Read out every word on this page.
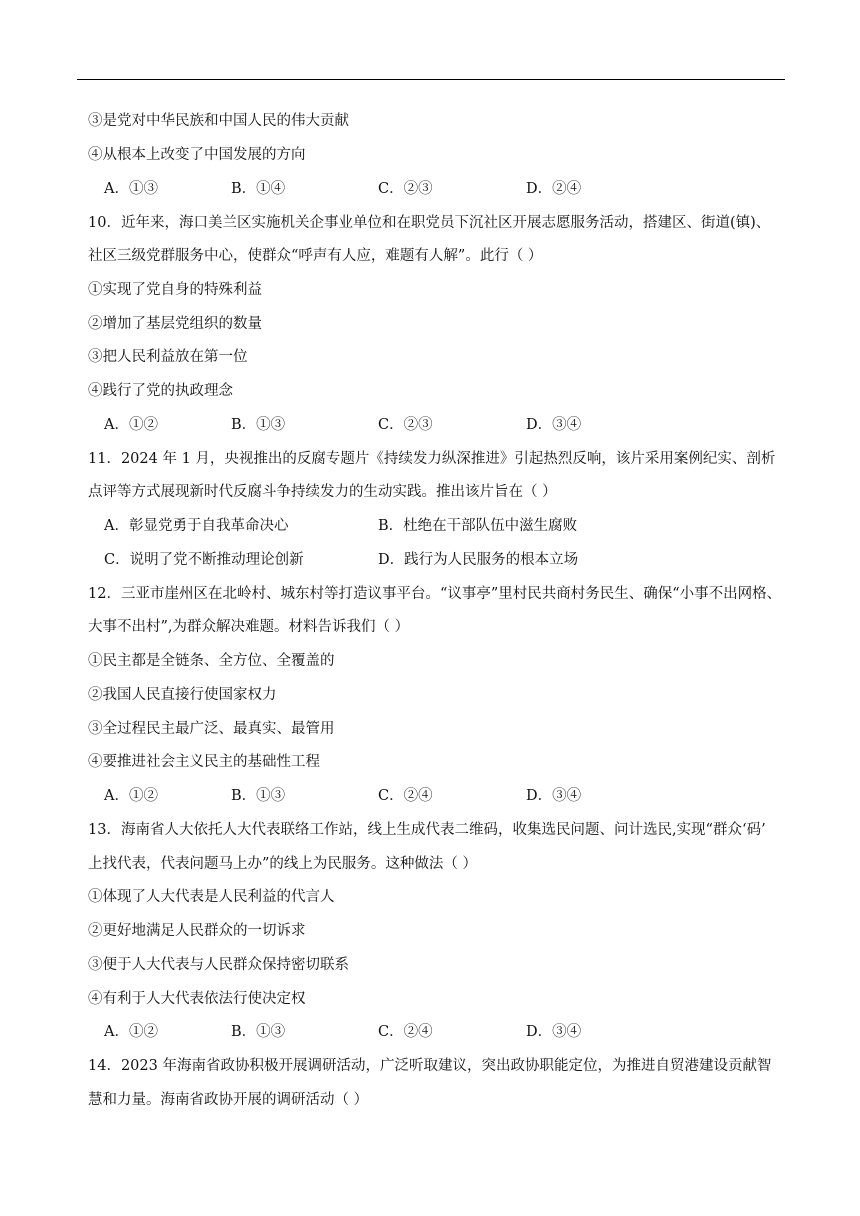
③是党对中华民族和中国人民的伟大贡献
④从根本上改变了中国发展的方向
A．①③	B．①④	C．②③	D．②④
10．近年来，海口美兰区实施机关企事业单位和在职党员下沉社区开展志愿服务活动，搭建区、街道(镇)、
社区三级党群服务中心，使群众“呼声有人应，难题有人解”。此行（ ）
①实现了党自身的特殊利益
②增加了基层党组织的数量
③把人民利益放在第一位
④践行了党的执政理念
A．①②	B．①③	C．②③	D．③④
11．2024 年 1 月，央视推出的反腐专题片《持续发力纵深推进》引起热烈反响，该片采用案例纪实、剖析
点评等方式展现新时代反腐斗争持续发力的生动实践。推出该片旨在（ ）
A．彰显党勇于自我革命决心	B．杜绝在干部队伍中滋生腐败
C．说明了党不断推动理论创新	D．践行为人民服务的根本立场
12．三亚市崖州区在北岭村、城东村等打造议事平台。“议事亭”里村民共商村务民生、确保“小事不出网格、
大事不出村”,为群众解决难题。材料告诉我们（ ）
①民主都是全链条、全方位、全覆盖的
②我国人民直接行使国家权力
③全过程民主最广泛、最真实、最管用
④要推进社会主义民主的基础性工程
A．①②	B．①③	C．②④	D．③④
13．海南省人大依托人大代表联络工作站，线上生成代表二维码，收集选民问题、问计选民,实现“群众‘码’
上找代表，代表问题马上办”的线上为民服务。这种做法（ ）
①体现了人大代表是人民利益的代言人
②更好地满足人民群众的一切诉求
③便于人大代表与人民群众保持密切联系
④有利于人大代表依法行使决定权
A．①②	B．①③	C．②④	D．③④
14．2023 年海南省政协积极开展调研活动，广泛听取建议，突出政协职能定位，为推进自贸港建设贡献智
慧和力量。海南省政协开展的调研活动（ ）
